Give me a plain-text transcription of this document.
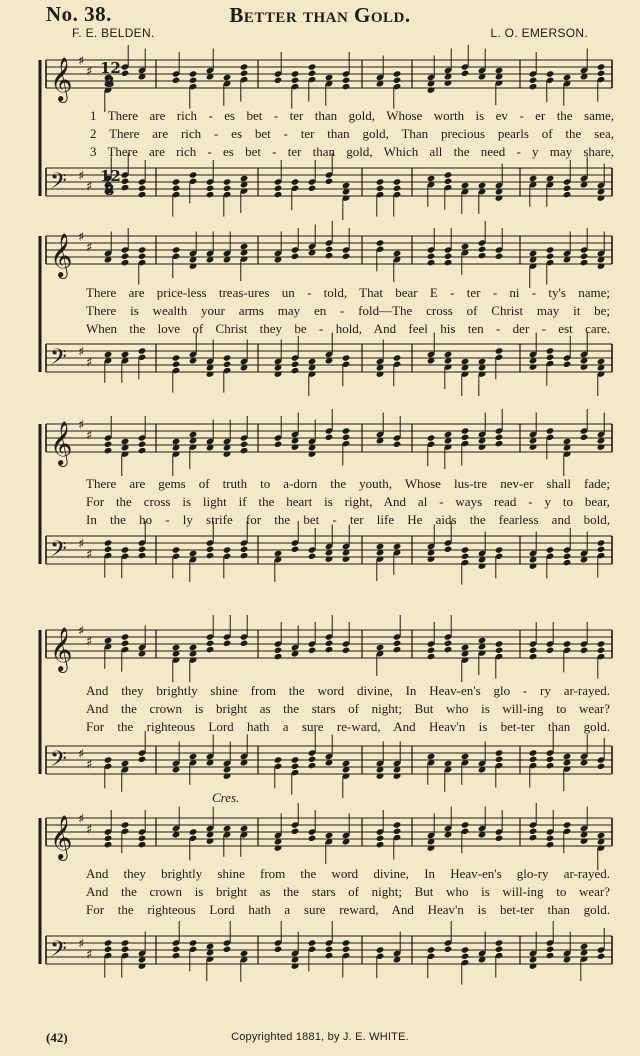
No. 38.	Better than Gold.
F. E. BELDEN.	L. O. EMERSON.
𝄞 ♯
♯
𝄢 ♯
♯
𝄞 ♯
♯
𝄢 ♯
♯
𝄞 ♯
♯
𝄢 ♯
♯
𝄞 ♯
♯
𝄢 ♯
♯
𝄞 ♯
♯
𝄢 ♯
♯
12
8
12
8
1 There are rich - es bet - ter than gold, Whose worth is ev - er the same,
2 There are rich - es bet - ter than gold, Than precious pearls of the sea,
3 There are rich - es bet - ter than gold, Which all the need - y may share,
There are price-less treas-ures un - told, That bear E - ter - ni - ty's name;
There is wealth your arms may en - fold—The cross of Christ may it be;
When the love of Christ they be - hold, And feel his ten - der - est care.
There are gems of truth to a-dorn the youth, Whose lus-tre nev-er shall fade;
For the cross is light if the heart is right, And al - ways read - y to bear,
In the ho - ly strife for the bet - ter life He aids the fearless and bold,
And they brightly shine from the word divine, In Heav-en's glo - ry ar-rayed.
And the crown is bright as the stars of night; But who is will-ing to wear?
For the righteous Lord hath a sure re-ward, And Heav'n is bet-ter than gold.
Cres.
And they brightly shine from the word divine, In Heav-en's glo-ry ar-rayed.
And the crown is bright as the stars of night; But who is will-ing to wear?
For the righteous Lord hath a sure reward, And Heav'n is bet-ter than gold.
(42)	Copyrighted 1881, by J. E. WHITE.
